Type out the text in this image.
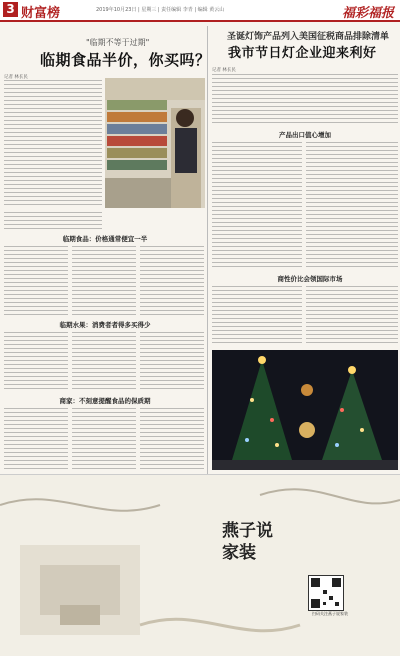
3 财富榜	2019年10月23日 | 星期三 | 责任编辑 李青 | 编辑 黄云山	福彩福报
"临期不等于过期"
临期食品半价，你买吗？
记者 林长民
临期食品：价格通常便宜一半
临期水果：消费者者得多买得少
商家：不刻意提醒食品的保质期
圣诞灯饰产品列入美国征税商品排除清单
我市节日灯企业迎来利好
记者 林长民
产品出口值心增加
商性价比会领国际市场
燕子说家装
扫码关注燕子说家装
